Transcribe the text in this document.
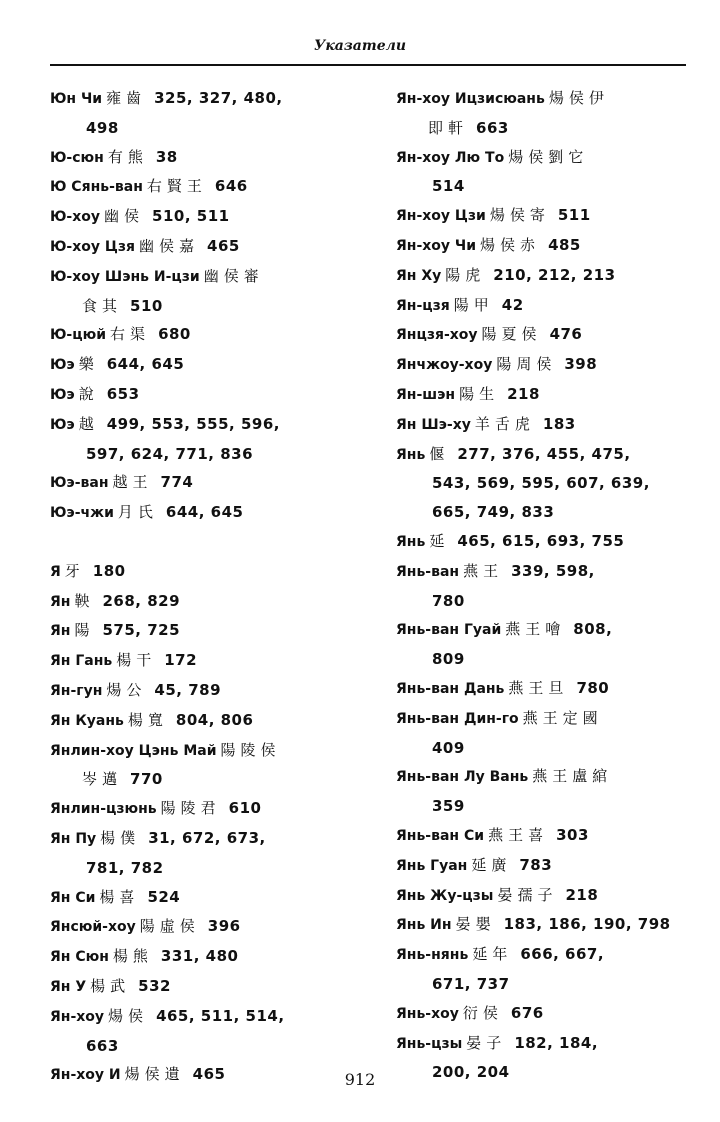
Указатели
Юн Чи 雍齒 325, 327, 480,
498
Ю-сюн 有熊 38
Ю Сянь-ван 右賢王 646
Ю-хоу 幽侯 510, 511
Ю-хоу Цзя 幽侯嘉 465
Ю-хоу Шэнь И-цзи 幽侯審
食其 510
Ю-цюй 右渠 680
Юэ 樂 644, 645
Юэ 說 653
Юэ 越 499, 553, 555, 596,
597, 624, 771, 836
Юэ-ван 越王 774
Юэ-чжи 月氏 644, 645
Я 牙 180
Ян 鞅 268, 829
Ян 陽 575, 725
Ян Гань 楊干 172
Ян-гун 煬公 45, 789
Ян Куань 楊寬 804, 806
Янлин-хоу Цэнь Май 陽陵侯
岑邁 770
Янлин-цзюнь 陽陵君 610
Ян Пу 楊僕 31, 672, 673,
781, 782
Ян Си 楊喜 524
Янсюй-хоу 陽虛侯 396
Ян Сюн 楊熊 331, 480
Ян У 楊武 532
Ян-хоу 煬侯 465, 511, 514,
663
Ян-хоу И 煬侯遺 465
Ян-хоу Ицзисюань 煬侯伊
即軒 663
Ян-хоу Лю То 煬侯劉它
514
Ян-хоу Цзи 煬侯寄 511
Ян-хоу Чи 煬侯赤 485
Ян Ху 陽虎 210, 212, 213
Ян-цзя 陽甲 42
Янцзя-хоу 陽夏侯 476
Янчжоу-хоу 陽周侯 398
Ян-шэн 陽生 218
Ян Шэ-ху 羊舌虎 183
Янь 偃 277, 376, 455, 475,
543, 569, 595, 607, 639,
665, 749, 833
Янь 延 465, 615, 693, 755
Янь-ван 燕王 339, 598,
780
Янь-ван Гуай 燕王噲 808,
809
Янь-ван Дань 燕王旦 780
Янь-ван Дин-го 燕王定國
409
Янь-ван Лу Вань 燕王盧綰
359
Янь-ван Си 燕王喜 303
Янь Гуан 延廣 783
Янь Жу-цзы 晏孺子 218
Янь Ин 晏嬰 183, 186, 190, 798
Янь-нянь 延年 666, 667,
671, 737
Янь-хоу 衍侯 676
Янь-цзы 晏子 182, 184,
200, 204
912
